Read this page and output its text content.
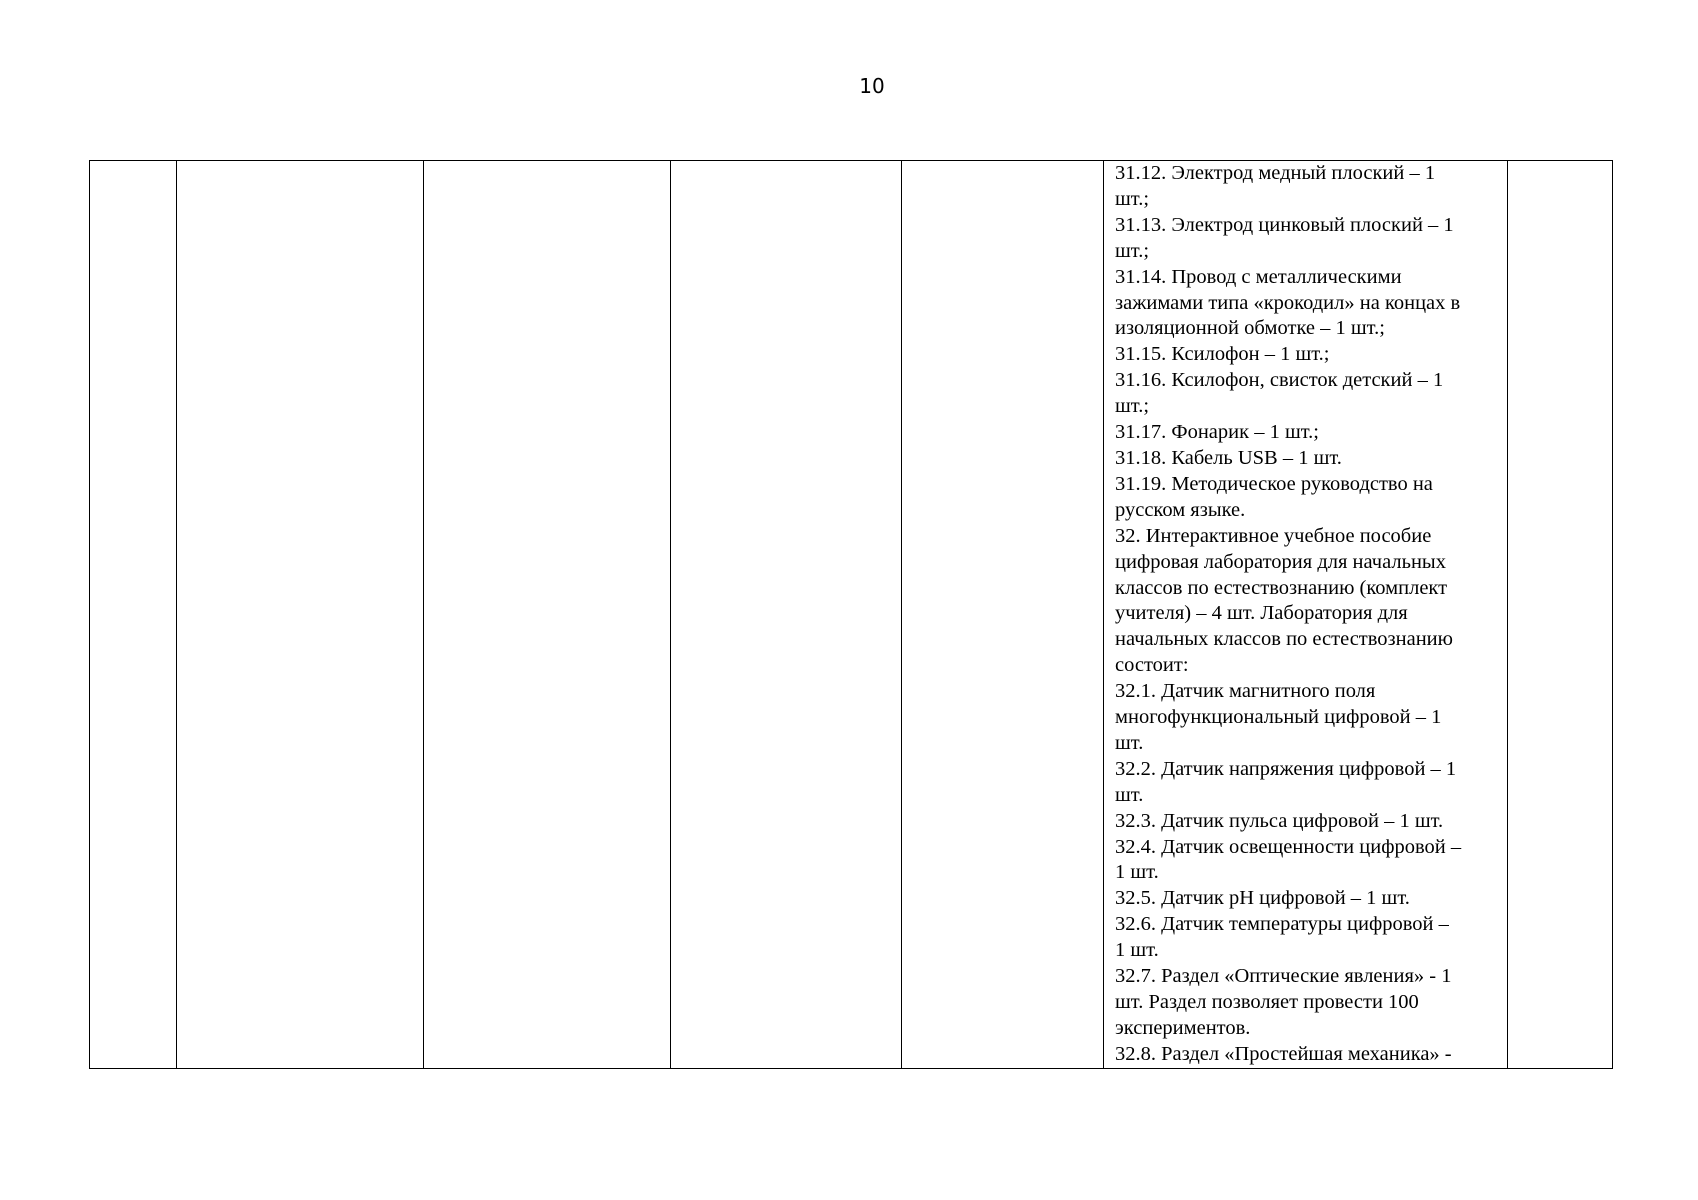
10

31.12. Электрод медный плоский – 1
шт.;
31.13. Электрод цинковый плоский – 1
шт.;
31.14. Провод с металлическими
зажимами типа «крокодил» на концах в
изоляционной обмотке – 1 шт.;
31.15. Ксилофон – 1 шт.;
31.16. Ксилофон, свисток детский – 1
шт.;
31.17. Фонарик – 1 шт.;
31.18. Кабель USB – 1 шт.
31.19. Методическое руководство на
русском языке.
32. Интерактивное учебное пособие
цифровая лаборатория для начальных
классов по естествознанию (комплект
учителя) – 4 шт. Лаборатория для
начальных классов по естествознанию
состоит:
32.1. Датчик магнитного поля
многофункциональный цифровой – 1
шт.
32.2. Датчик напряжения цифровой – 1
шт.
32.3. Датчик пульса цифровой – 1 шт.
32.4. Датчик освещенности цифровой –
1 шт.
32.5. Датчик pH цифровой – 1 шт.
32.6. Датчик температуры цифровой –
1 шт.
32.7. Раздел «Оптические явления» - 1
шт. Раздел позволяет провести 100
экспериментов.
32.8. Раздел «Простейшая механика» -
